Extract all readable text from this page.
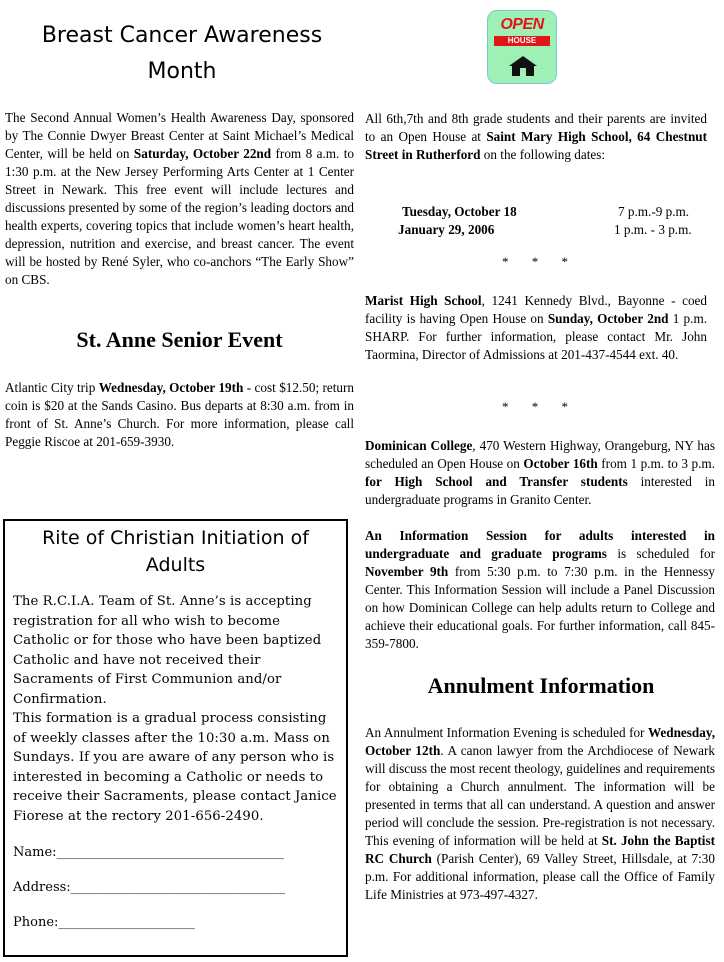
Breast Cancer Awareness
Month
The Second Annual Women’s Health Awareness Day, sponsored by The Connie Dwyer Breast Center at Saint Michael’s Medical Center, will be held on Saturday, October 22nd from 8 a.m. to 1:30 p.m. at the New Jersey Performing Arts Center at 1 Center Street in Newark. This free event will include lectures and discussions presented by some of the region’s leading doctors and health experts, covering topics that include women’s heart health, depression, nutrition and exercise, and breast cancer. The event will be hosted by René Syler, who co-anchors “The Early Show” on CBS.
St. Anne Senior Event
Atlantic City trip Wednesday, October 19th - cost $12.50; return coin is $20 at the Sands Casino. Bus departs at 8:30 a.m. from in front of St. Anne’s Church. For more information, please call Peggie Riscoe at 201-659-3930.
Rite of Christian Initiation of Adults
The R.C.I.A. Team of St. Anne’s is accepting registration for all who wish to become Catholic or for those who have been baptized Catholic and have not received their Sacraments of First Communion and/or Confirmation.
This formation is a gradual process consisting of weekly classes after the 10:30 a.m. Mass on Sundays. If you are aware of any person who is interested in becoming a Catholic or needs to receive their Sacraments, please contact Janice Fiorese at the rectory 201-656-2490.
Name:___________________________________
Address:_________________________________
Phone:_____________________
OPEN
HOUSE
All 6th,7th and 8th grade students and their parents are invited to an Open House at Saint Mary High School, 64 Chestnut Street in Rutherford on the following dates:
Tuesday, October 18	7 p.m.-9 p.m.
January 29, 2006	1 p.m. - 3 p.m.
* * *
Marist High School, 1241 Kennedy Blvd., Bayonne - coed facility is having Open House on Sunday, October 2nd 1 p.m. SHARP. For further information, please contact Mr. John Taormina, Director of Admissions at 201-437-4544 ext. 40.
* * *
Dominican College, 470 Western Highway, Orangeburg, NY has scheduled an Open House on October 16th from 1 p.m. to 3 p.m. for High School and Transfer students interested in undergraduate programs in Granito Center.
An Information Session for adults interested in undergraduate and graduate programs is scheduled for November 9th from 5:30 p.m. to 7:30 p.m. in the Hennessy Center. This Information Session will include a Panel Discussion on how Dominican College can help adults return to College and achieve their educational goals. For further information, call 845-359-7800.
Annulment Information
An Annulment Information Evening is scheduled for Wednesday, October 12th. A canon lawyer from the Archdiocese of Newark will discuss the most recent theology, guidelines and requirements for obtaining a Church annulment. The information will be presented in terms that all can understand. A question and answer period will conclude the session. Pre-registration is not necessary. This evening of information will be held at St. John the Baptist RC Church (Parish Center), 69 Valley Street, Hillsdale, at 7:30 p.m. For additional information, please call the Office of Family Life Ministries at 973-497-4327.
